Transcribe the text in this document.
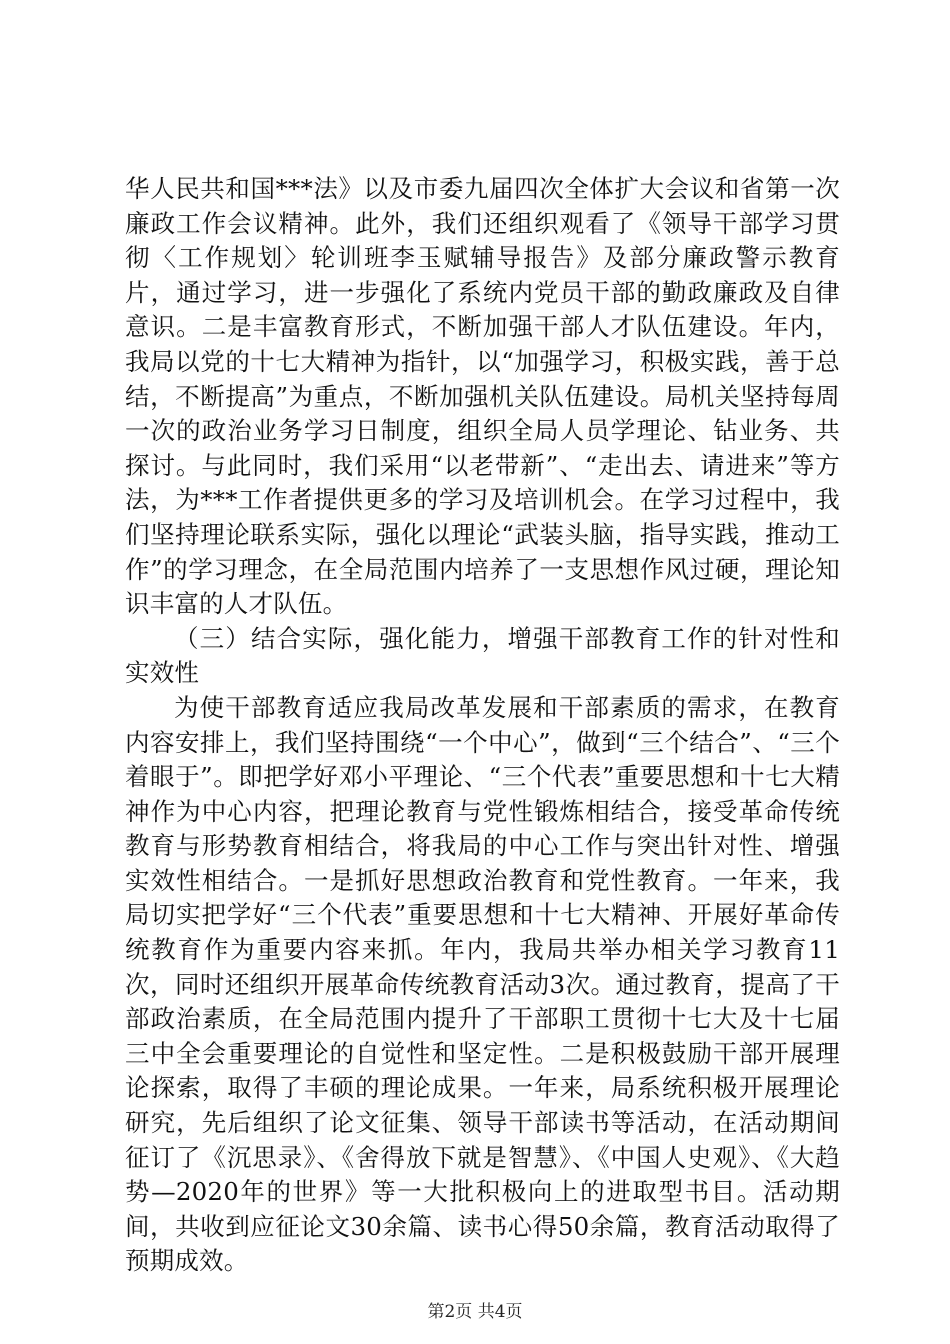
华人民共和国***法》以及市委九届四次全体扩大会议和省第一次廉政工作会议精神。此外，我们还组织观看了《领导干部学习贯彻〈工作规划〉轮训班李玉赋辅导报告》及部分廉政警示教育片，通过学习，进一步强化了系统内党员干部的勤政廉政及自律意识。二是丰富教育形式，不断加强干部人才队伍建设。年内，我局以党的十七大精神为指针，以“加强学习，积极实践，善于总结，不断提高”为重点，不断加强机关队伍建设。局机关坚持每周一次的政治业务学习日制度，组织全局人员学理论、钻业务、共探讨。与此同时，我们采用“以老带新”、“走出去、请进来”等方法，为***工作者提供更多的学习及培训机会。在学习过程中，我们坚持理论联系实际，强化以理论“武装头脑，指导实践，推动工作”的学习理念，在全局范围内培养了一支思想作风过硬，理论知识丰富的人才队伍。

（三）结合实际，强化能力，增强干部教育工作的针对性和实效性

为使干部教育适应我局改革发展和干部素质的需求，在教育内容安排上，我们坚持围绕“一个中心”，做到“三个结合”、“三个着眼于”。即把学好邓小平理论、“三个代表”重要思想和十七大精神作为中心内容，把理论教育与党性锻炼相结合，接受革命传统教育与形势教育相结合，将我局的中心工作与突出针对性、增强实效性相结合。一是抓好思想政治教育和党性教育。一年来，我局切实把学好“三个代表”重要思想和十七大精神、开展好革命传统教育作为重要内容来抓。年内，我局共举办相关学习教育11次，同时还组织开展革命传统教育活动3次。通过教育，提高了干部政治素质，在全局范围内提升了干部职工贯彻十七大及十七届三中全会重要理论的自觉性和坚定性。二是积极鼓励干部开展理论探索，取得了丰硕的理论成果。一年来，局系统积极开展理论研究，先后组织了论文征集、领导干部读书等活动，在活动期间征订了《沉思录》、《舍得放下就是智慧》、《中国人史观》、《大趋势—2020年的世界》等一大批积极向上的进取型书目。活动期间，共收到应征论文30余篇、读书心得50余篇，教育活动取得了预期成效。

第2页 共4页
